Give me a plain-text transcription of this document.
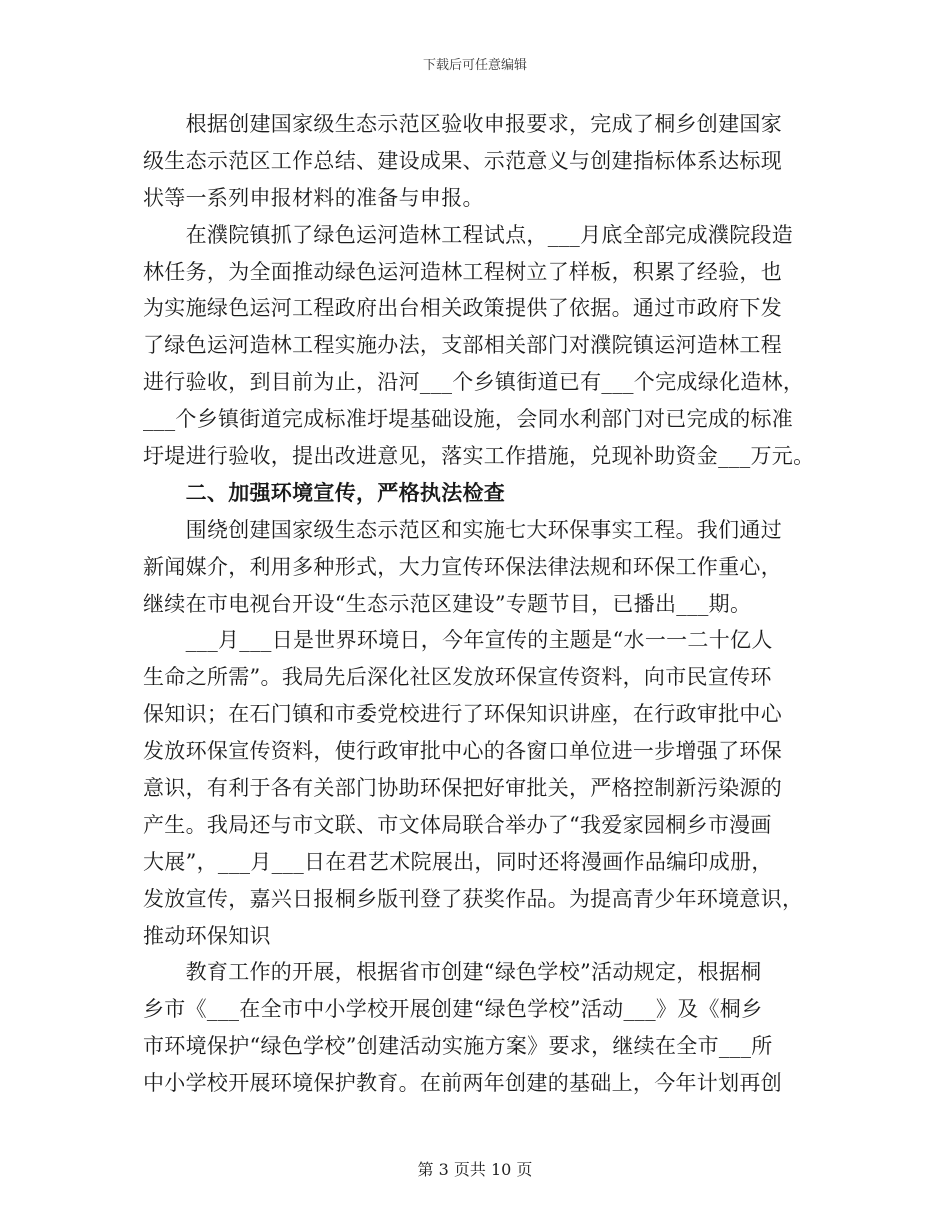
下载后可任意编辑
　　根据创建国家级生态示范区验收申报要求，完成了桐乡创建国家
级生态示范区工作总结、建设成果、示范意义与创建指标体系达标现
状等一系列申报材料的准备与申报。
　　在濮院镇抓了绿色运河造林工程试点，___月底全部完成濮院段造
林任务，为全面推动绿色运河造林工程树立了样板，积累了经验，也
为实施绿色运河工程政府出台相关政策提供了依据。通过市政府下发
了绿色运河造林工程实施办法，支部相关部门对濮院镇运河造林工程
进行验收，到目前为止，沿河___个乡镇街道已有___个完成绿化造林，
___个乡镇街道完成标准圩堤基础设施，会同水利部门对已完成的标准
圩堤进行验收，提出改进意见，落实工作措施，兑现补助资金___万元。
　　二、加强环境宣传，严格执法检查
　　围绕创建国家级生态示范区和实施七大环保事实工程。我们通过
新闻媒介，利用多种形式，大力宣传环保法律法规和环保工作重心，
继续在市电视台开设“生态示范区建设”专题节目，已播出___期。
　　___月___日是世界环境日，今年宣传的主题是“水一一二十亿人
生命之所需”。我局先后深化社区发放环保宣传资料，向市民宣传环
保知识；在石门镇和市委党校进行了环保知识讲座，在行政审批中心
发放环保宣传资料，使行政审批中心的各窗口单位进一步增强了环保
意识，有利于各有关部门协助环保把好审批关，严格控制新污染源的
产生。我局还与市文联、市文体局联合举办了“我爱家园桐乡市漫画
大展”，___月___日在君艺术院展出，同时还将漫画作品编印成册，
发放宣传，嘉兴日报桐乡版刊登了获奖作品。为提高青少年环境意识，
推动环保知识
　　教育工作的开展，根据省市创建“绿色学校”活动规定，根据桐
乡市《___在全市中小学校开展创建“绿色学校”活动___》及《桐乡
市环境保护“绿色学校”创建活动实施方案》要求，继续在全市___所
中小学校开展环境保护教育。在前两年创建的基础上，今年计划再创
第 3 页共 10 页
